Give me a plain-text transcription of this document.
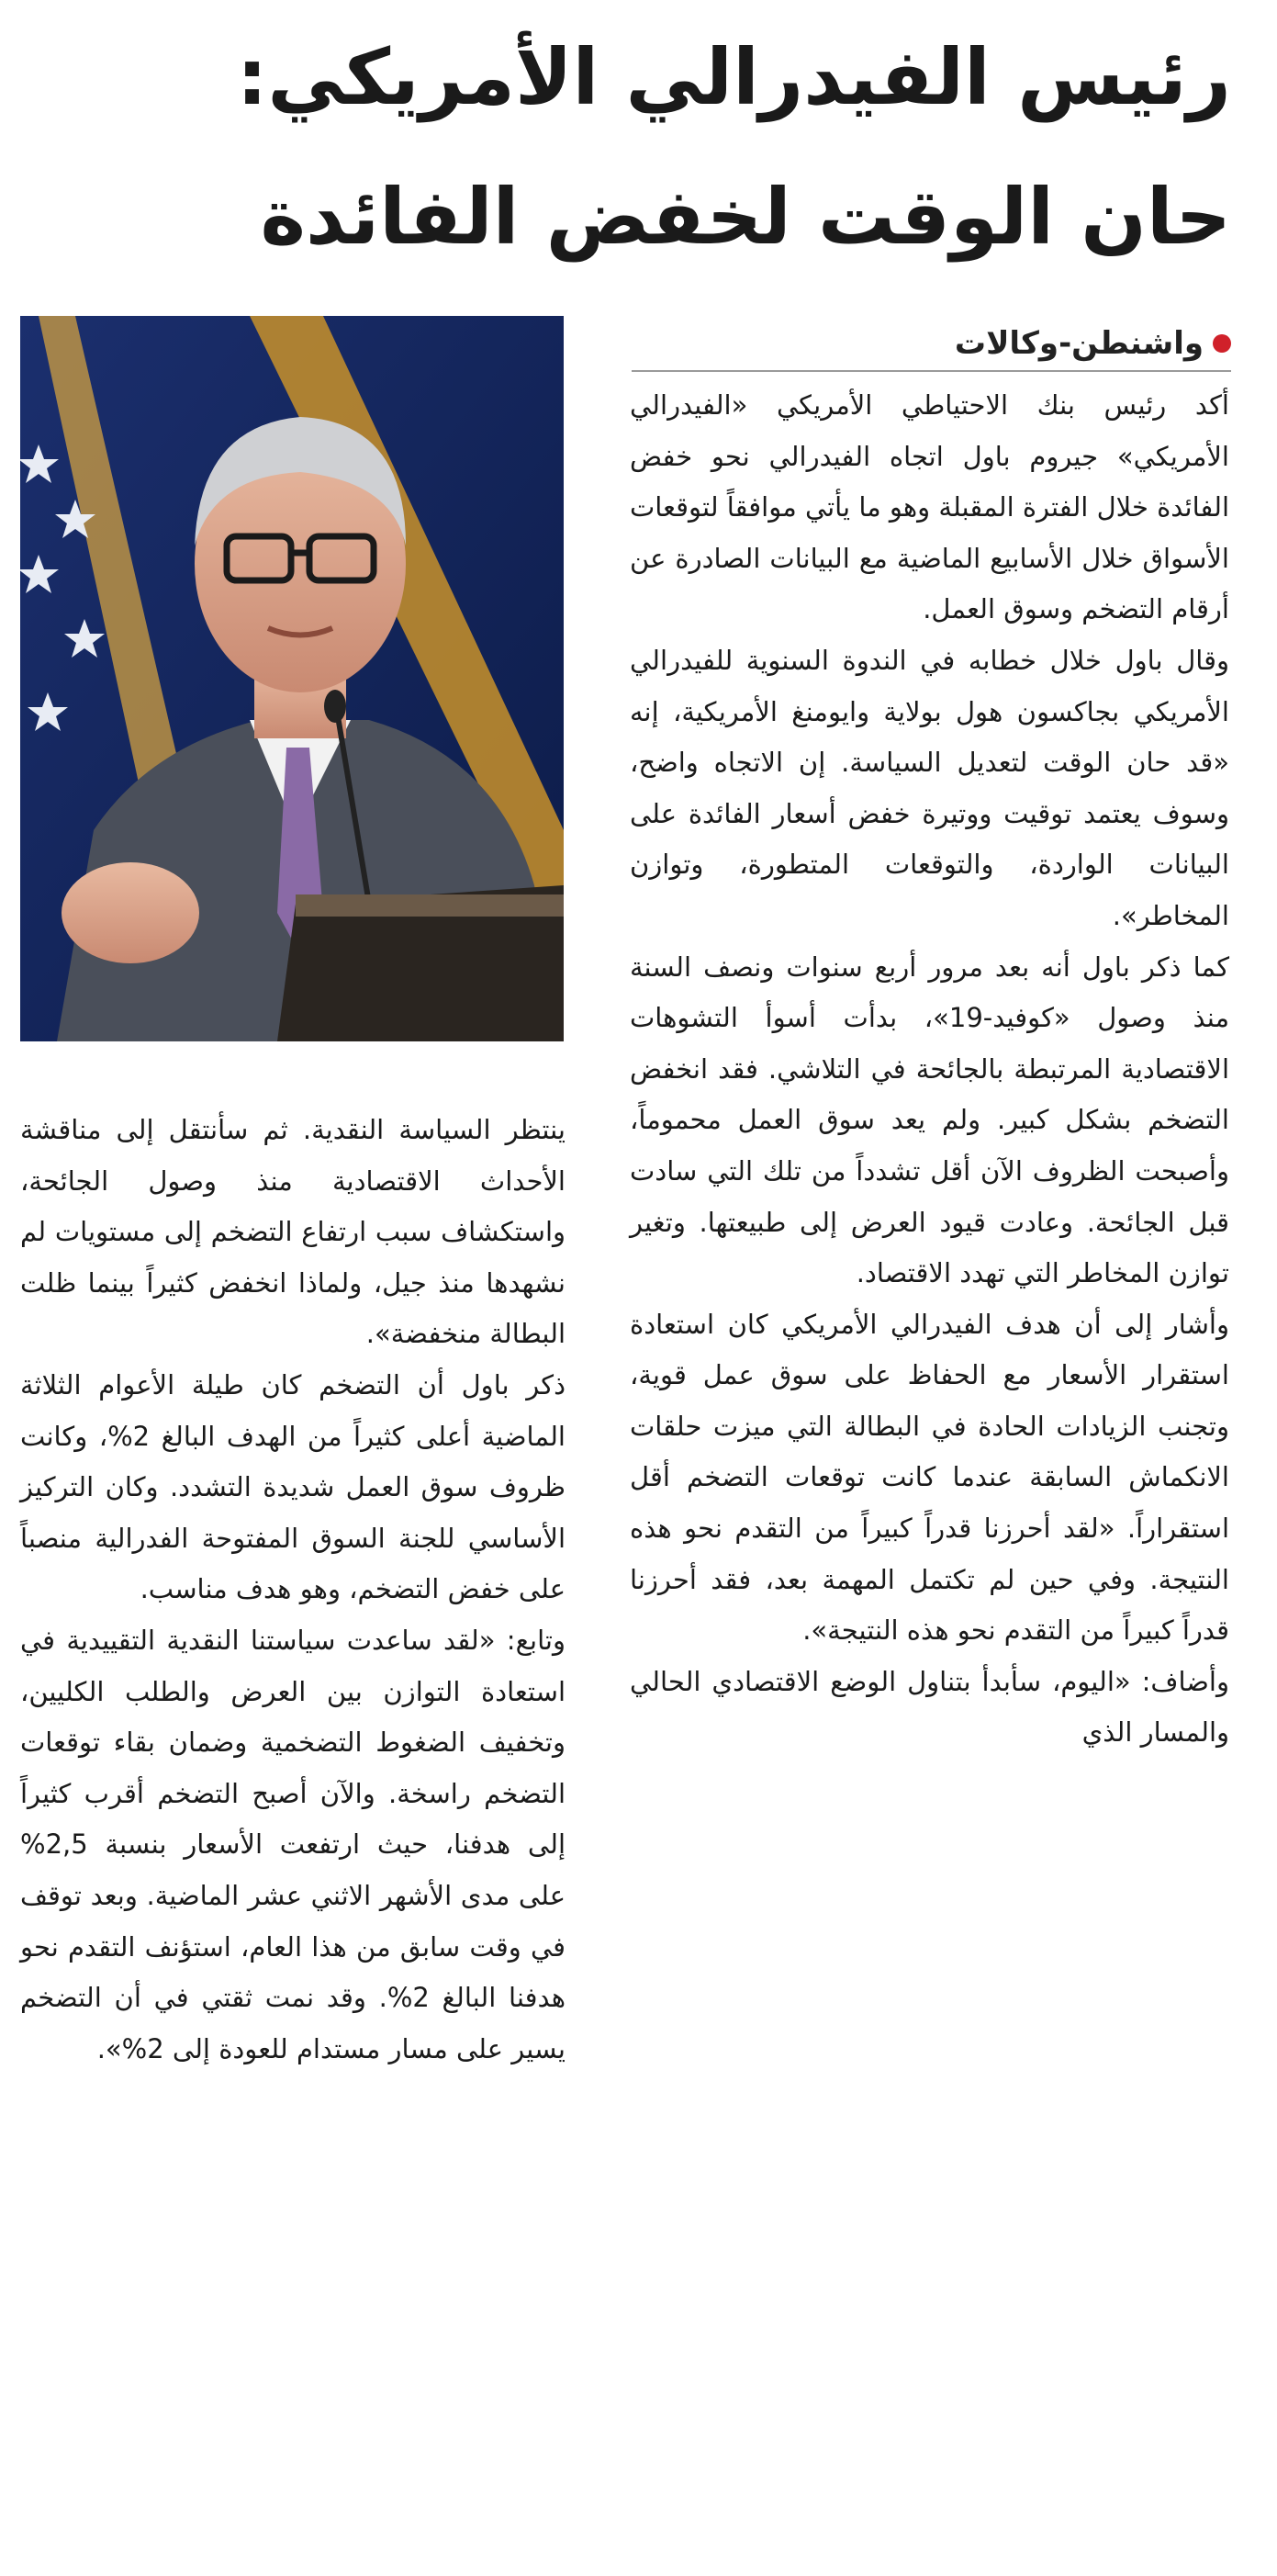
رئيس الفيدرالي الأمريكي:
حان الوقت لخفض الفائدة
واشنطن-وكالات

أكد رئيس بنك الاحتياطي الأمريكي «الفيدرالي الأمريكي» جيروم باول اتجاه الفيدرالي نحو خفض الفائدة خلال الفترة المقبلة وهو ما يأتي موافقاً لتوقعات الأسواق خلال الأسابيع الماضية مع البيانات الصادرة عن أرقام التضخم وسوق العمل.

وقال باول خلال خطابه في الندوة السنوية للفيدرالي الأمريكي بجاكسون هول بولاية وايومنغ الأمريكية، إنه «قد حان الوقت لتعديل السياسة. إن الاتجاه واضح، وسوف يعتمد توقيت ووتيرة خفض أسعار الفائدة على البيانات الواردة، والتوقعات المتطورة، وتوازن المخاطر».

كما ذكر باول أنه بعد مرور أربع سنوات ونصف السنة منذ وصول «كوفيد-19»، بدأت أسوأ التشوهات الاقتصادية المرتبطة بالجائحة في التلاشي. فقد انخفض التضخم بشكل كبير. ولم يعد سوق العمل محموماً، وأصبحت الظروف الآن أقل تشدداً من تلك التي سادت قبل الجائحة. وعادت قيود العرض إلى طبيعتها. وتغير توازن المخاطر التي تهدد الاقتصاد.

وأشار إلى أن هدف الفيدرالي الأمريكي كان استعادة استقرار الأسعار مع الحفاظ على سوق عمل قوية، وتجنب الزيادات الحادة في البطالة التي ميزت حلقات الانكماش السابقة عندما كانت توقعات التضخم أقل استقراراً. «لقد أحرزنا قدراً كبيراً من التقدم نحو هذه النتيجة. وفي حين لم تكتمل المهمة بعد، فقد أحرزنا قدراً كبيراً من التقدم نحو هذه النتيجة».

وأضاف: «اليوم، سأبدأ بتناول الوضع الاقتصادي الحالي والمسار الذي

ينتظر السياسة النقدية. ثم سأنتقل إلى مناقشة الأحداث الاقتصادية منذ وصول الجائحة، واستكشاف سبب ارتفاع التضخم إلى مستويات لم نشهدها منذ جيل، ولماذا انخفض كثيراً بينما ظلت البطالة منخفضة».

ذكر باول أن التضخم كان طيلة الأعوام الثلاثة الماضية أعلى كثيراً من الهدف البالغ 2%، وكانت ظروف سوق العمل شديدة التشدد. وكان التركيز الأساسي للجنة السوق المفتوحة الفدرالية منصباً على خفض التضخم، وهو هدف مناسب.

وتابع: «لقد ساعدت سياستنا النقدية التقييدية في استعادة التوازن بين العرض والطلب الكليين، وتخفيف الضغوط التضخمية وضمان بقاء توقعات التضخم راسخة. والآن أصبح التضخم أقرب كثيراً إلى هدفنا، حيث ارتفعت الأسعار بنسبة 2,5% على مدى الأشهر الاثني عشر الماضية. وبعد توقف في وقت سابق من هذا العام، استؤنف التقدم نحو هدفنا البالغ 2%. وقد نمت ثقتي في أن التضخم يسير على مسار مستدام للعودة إلى 2%».
